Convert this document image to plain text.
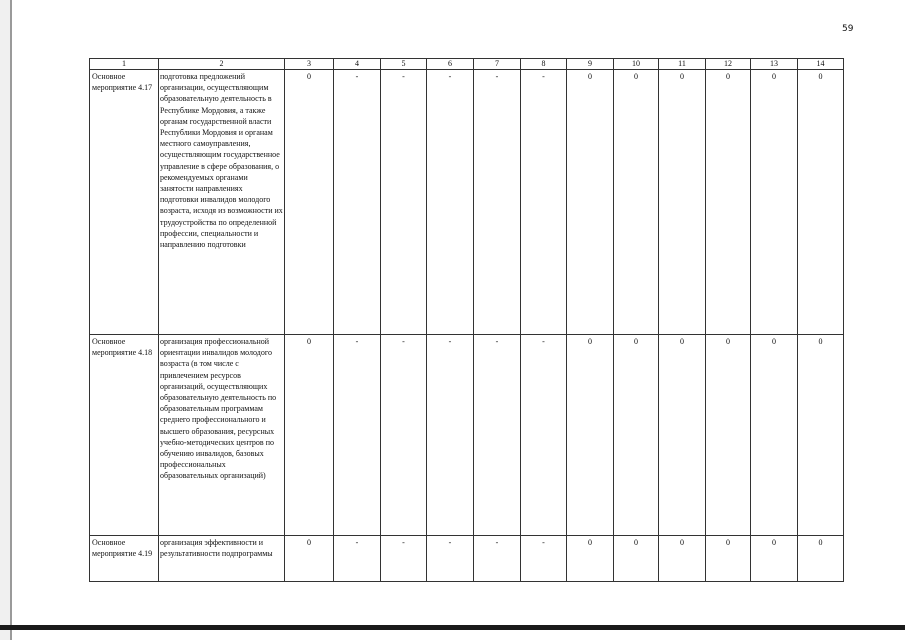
59
1	2	3	4	5	6	7	8	9	10	11	12	13	14
Основное мероприятие 4.17	подготовка предложений организации, осуществляющим образовательную деятельность в Республике Мордовия, а также органам государственной власти Республики Мордовия и органам местного самоуправления, осуществляющим государственное управление в сфере образования, о рекомендуемых органами занятости направлениях подготовки инвалидов молодого возраста, исходя из возможности их трудоустройства по определенной профессии, специальности и направлению подготовки	0	-	-	-	-	-	0	0	0	0	0	0
Основное мероприятие 4.18	организация профессиональной ориентации инвалидов молодого возраста (в том числе с привлечением ресурсов организаций, осуществляющих образовательную деятельность по образовательным программам среднего профессионального и высшего образования, ресурсных учебно-методических центров по обучению инвалидов, базовых профессиональных образовательных организаций)	0	-	-	-	-	-	0	0	0	0	0	0
Основное мероприятие 4.19	организация эффективности и результативности подпрограммы	0	-	-	-	-	-	0	0	0	0	0	0
